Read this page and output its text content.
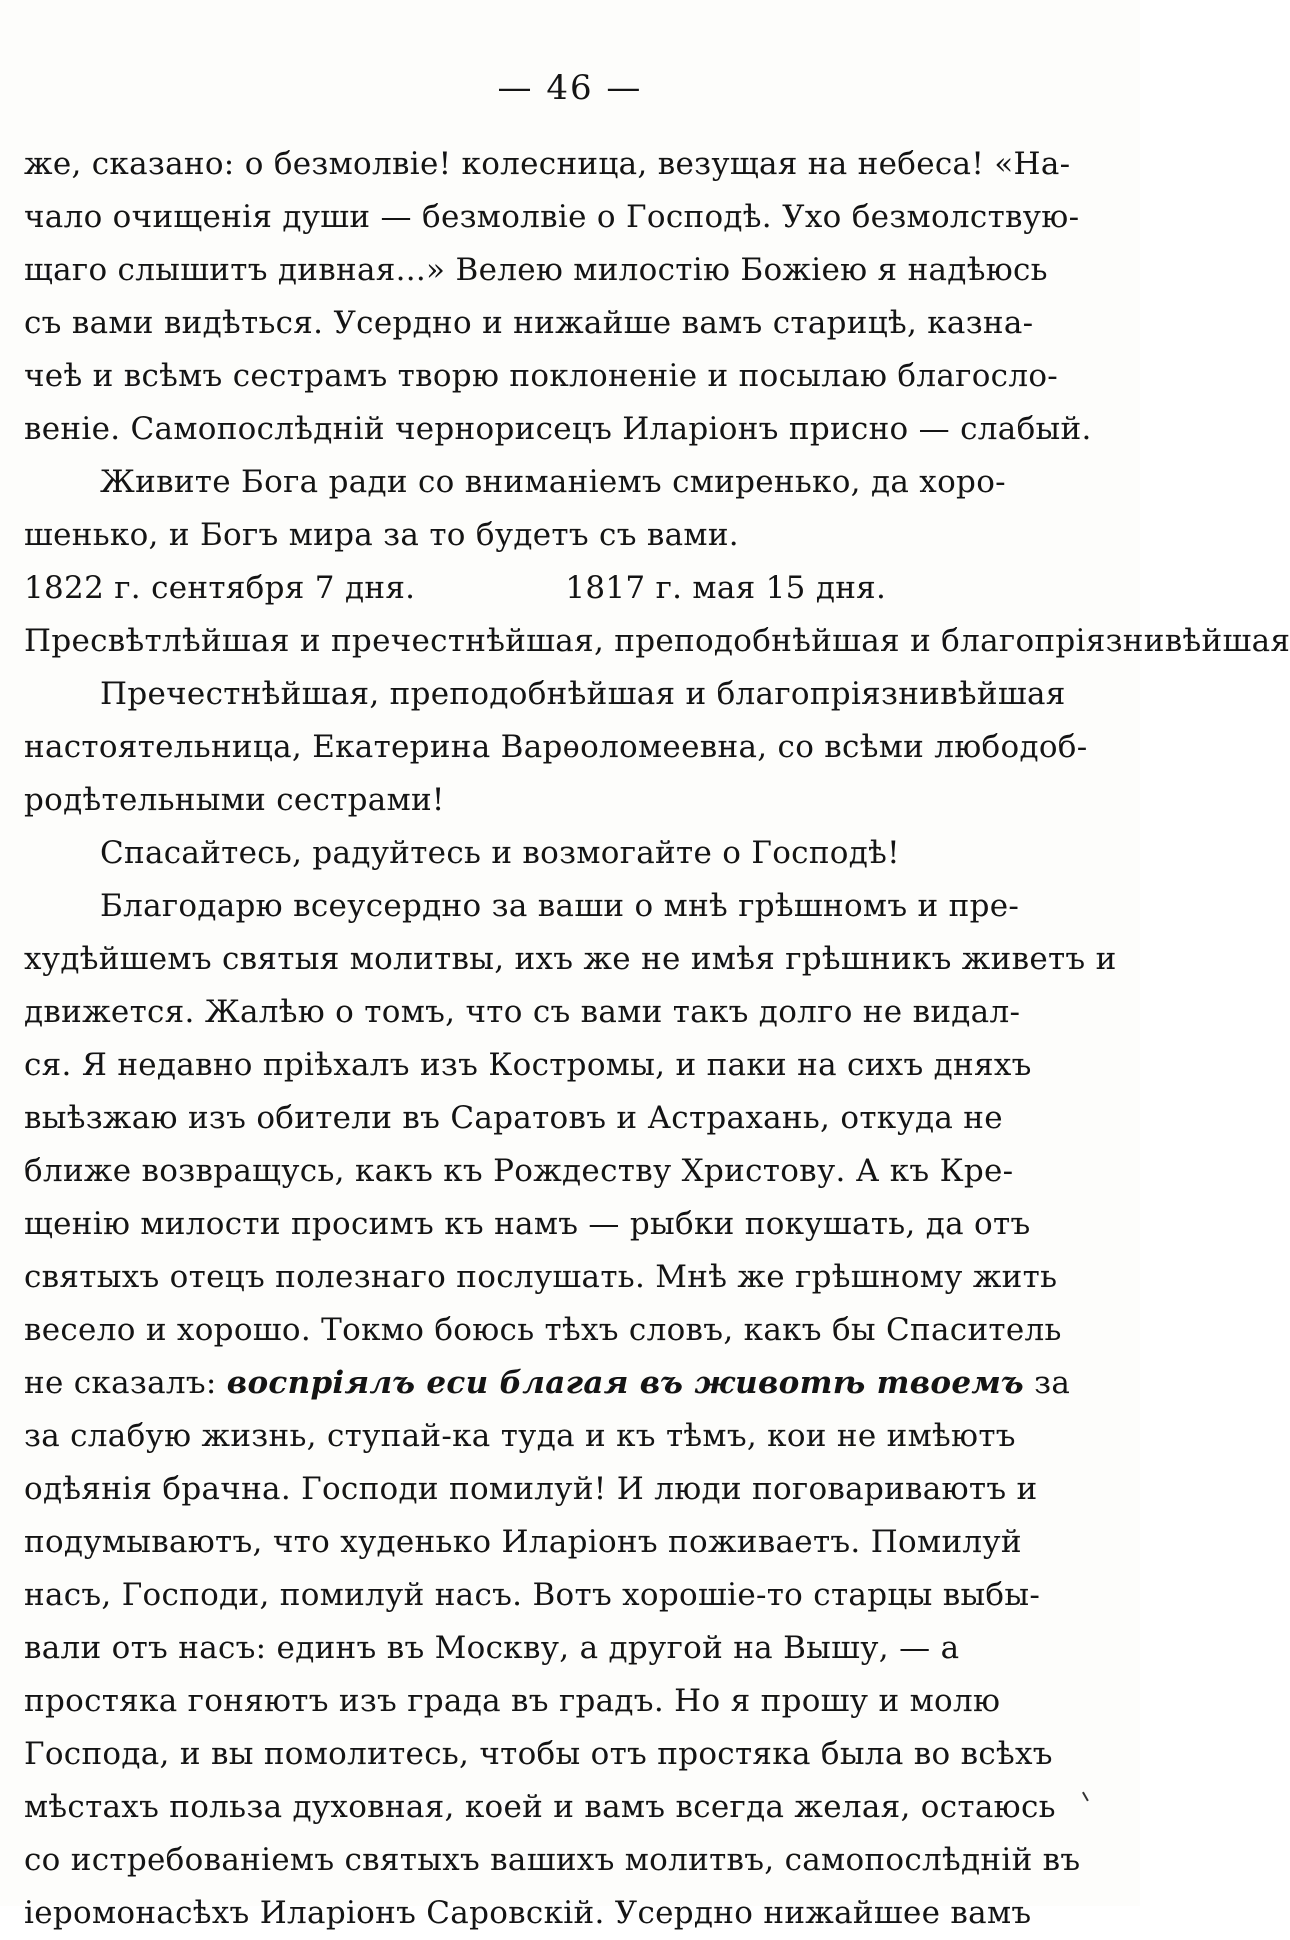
— 46 —
же, сказано: о безмолвіе! колесница, везущая на небеса! «На-
чало очищенія души — безмолвіе о Господѣ. Ухо безмолствую-
щаго слышитъ дивная...» Велею милостію Божіею я надѣюсь
съ вами видѣться. Усердно и нижайше вамъ старицѣ, казна-
чеѣ и всѣмъ сестрамъ творю поклоненіе и посылаю благосло-
веніе. Самопослѣдній чернорисецъ Иларіонъ присно — слабый.
Живите Бога ради со вниманіемъ смиренько, да хоро-
шенько, и Богъ мира за то будетъ съ вами.
1822 г. сентября 7 дня.	1817 г. мая 15 дня.
Пресвѣтлѣйшая и пречестнѣйшая, преподобнѣйшая и благопріязнивѣйшая
Пречестнѣйшая, преподобнѣйшая и благопріязнивѣйшая
настоятельница, Екатерина Варѳоломеевна, со всѣми любодоб-
родѣтельными сестрами!
Спасайтесь, радуйтесь и возмогайте о Господѣ!
Благодарю всеусердно за ваши о мнѣ грѣшномъ и пре-
худѣйшемъ святыя молитвы, ихъ же не имѣя грѣшникъ живетъ и
движется. Жалѣю о томъ, что съ вами такъ долго не видал-
ся. Я недавно пріѣхалъ изъ Костромы, и паки на сихъ дняхъ
выѣзжаю изъ обители въ Саратовъ и Астрахань, откуда не
ближе возвращусь, какъ къ Рождеству Христову. А къ Кре-
щенію милости просимъ къ намъ — рыбки покушать, да отъ
святыхъ отецъ полезнаго послушать. Мнѣ же грѣшному жить
весело и хорошо. Токмо боюсь тѣхъ словъ, какъ бы Спаситель
не сказалъ: воспріялъ еси благая въ животѣ твоемъ за
за слабую жизнь, ступай-ка туда и къ тѣмъ, кои не имѣютъ
одѣянія брачна. Господи помилуй! И люди поговариваютъ и
подумываютъ, что худенько Иларіонъ поживаетъ. Помилуй
насъ, Господи, помилуй насъ. Вотъ хорошіе-то старцы выбы-
вали отъ насъ: единъ въ Москву, а другой на Вышу, — а
простяка гоняютъ изъ града въ градъ. Но я прошу и молю
Господа, и вы помолитесь, чтобы отъ простяка была во всѣхъ
мѣстахъ польза духовная, коей и вамъ всегда желая, остаюсь
со истребованіемъ святыхъ вашихъ молитвъ, самопослѣдній въ
іеромонасѣхъ Иларіонъ Саровскій. Усердно нижайшее вамъ
